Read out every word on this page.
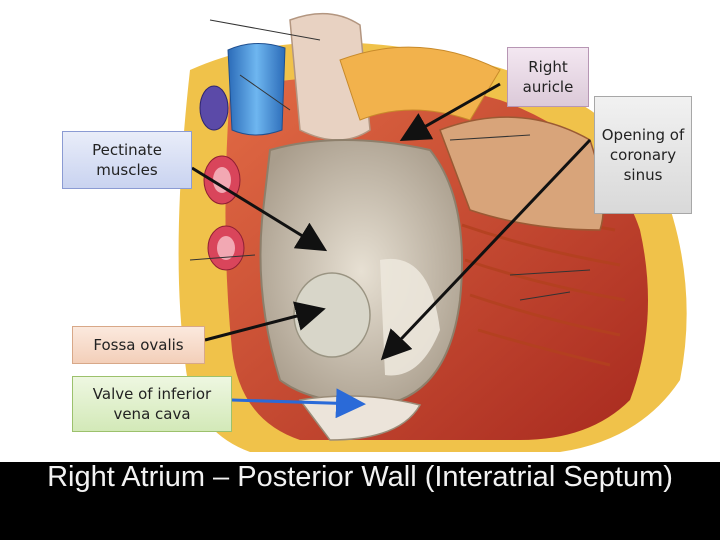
Right auricle
Pectinate muscles
Opening of coronary sinus
Fossa ovalis
Valve of inferior vena cava
B	6
Right Atrium – Posterior Wall (Interatrial Septum)
